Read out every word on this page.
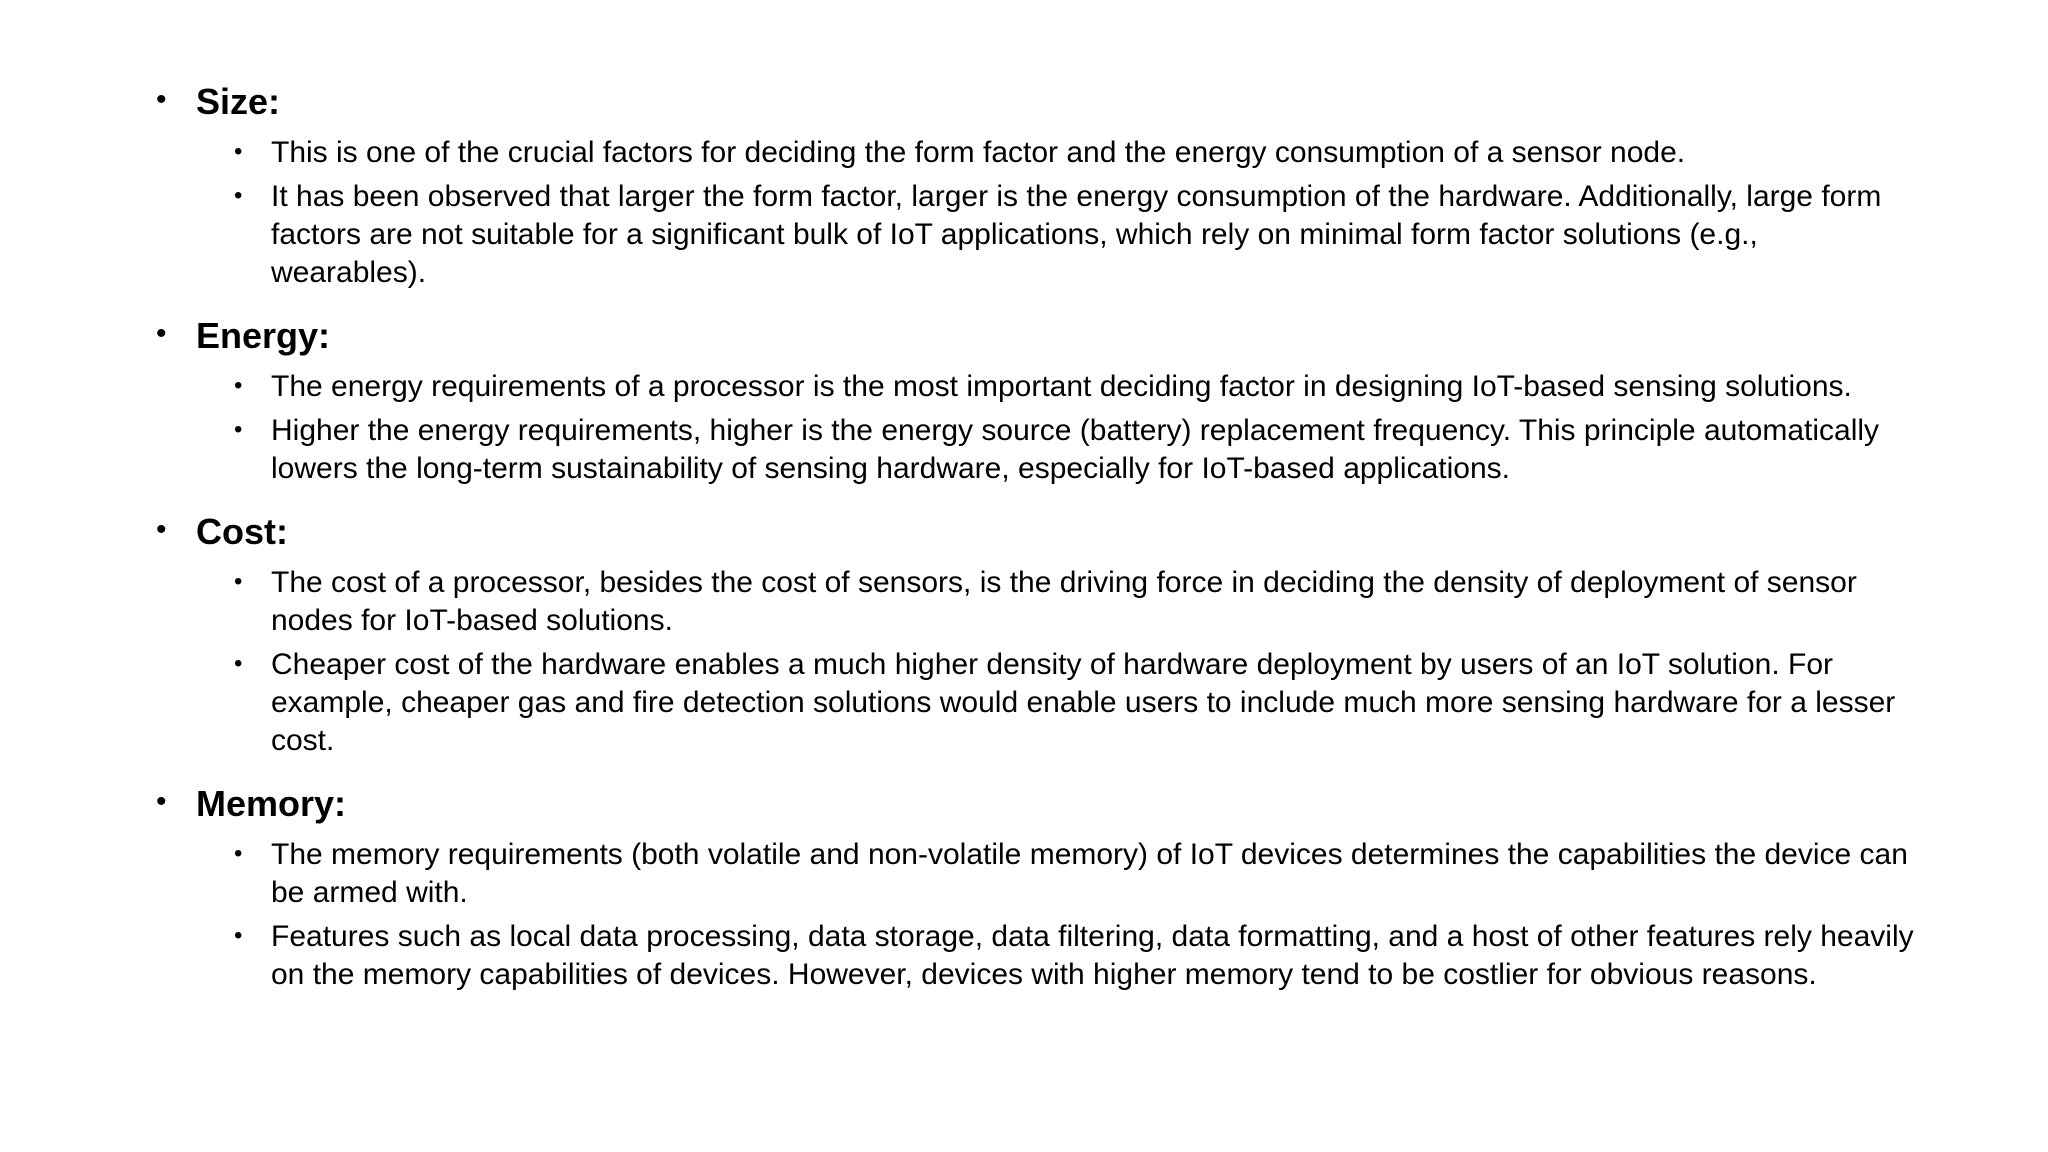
• Size:
• This is one of the crucial factors for deciding the form factor and the energy consumption of a sensor node.
• It has been observed that larger the form factor, larger is the energy consumption of the hardware. Additionally, large form factors are not suitable for a significant bulk of IoT applications, which rely on minimal form factor solutions (e.g., wearables).
• Energy:
• The energy requirements of a processor is the most important deciding factor in designing IoT-based sensing solutions.
• Higher the energy requirements, higher is the energy source (battery) replacement frequency. This principle automatically lowers the long-term sustainability of sensing hardware, especially for IoT-based applications.
• Cost:
• The cost of a processor, besides the cost of sensors, is the driving force in deciding the density of deployment of sensor nodes for IoT-based solutions.
• Cheaper cost of the hardware enables a much higher density of hardware deployment by users of an IoT solution. For example, cheaper gas and fire detection solutions would enable users to include much more sensing hardware for a lesser cost.
• Memory:
• The memory requirements (both volatile and non-volatile memory) of IoT devices determines the capabilities the device can be armed with.
• Features such as local data processing, data storage, data filtering, data formatting, and a host of other features rely heavily on the memory capabilities of devices. However, devices with higher memory tend to be costlier for obvious reasons.
